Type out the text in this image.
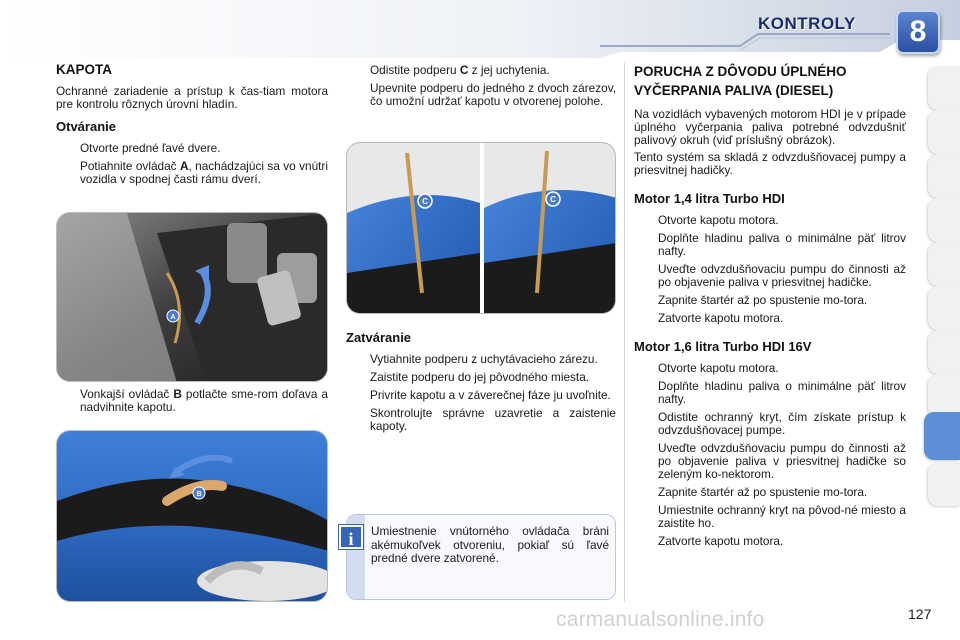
KONTROLY	8
KAPOTA

Ochranné zariadenie a prístup k čas-tiam motora pre kontrolu rôznych úrovní hladín.

Otváranie
Otvorte predné ľavé dvere.
Potiahnite ovládač A, nachádzajúci sa vo vnútri vozidla v spodnej časti rámu dverí.
A
Vonkajší ovládač B potlačte sme-rom doľava a nadvihnite kapotu.
B
Odistite podperu C z jej uchytenia.
Upevnite podperu do jedného z dvoch zárezov, čo umožní udržať kapotu v otvorenej polohe.
C	C
Zatváranie
Vytiahnite podperu z uchytávacieho zárezu.
Zaistite podperu do jej pôvodného miesta.
Privrite kapotu a v záverečnej fáze ju uvoľnite.
Skontrolujte správne uzavretie a zaistenie kapoty.
i	Umiestnenie vnútorného ovládača bráni akémukoľvek otvoreniu, pokiaľ sú ľavé predné dvere zatvorené.
PORUCHA Z DÔVODU ÚPLNÉHO VYČERPANIA PALIVA (DIESEL)

Na vozidlách vybavených motorom HDI je v prípade úplného vyčerpania paliva potrebné odvzdušniť palivový okruh (viď príslušný obrázok).

Tento systém sa skladá z odvzdušňovacej pumpy a priesvitnej hadičky.

Motor 1,4 litra Turbo HDI
Otvorte kapotu motora.
Doplňte hladinu paliva o minimálne päť litrov nafty.
Uveďte odvzdušňovaciu pumpu do činnosti až po objavenie paliva v priesvitnej hadičke.
Zapnite štartér až po spustenie mo-tora.
Zatvorte kapotu motora.
Motor 1,6 litra Turbo HDI 16V
Otvorte kapotu motora.
Doplňte hladinu paliva o minimálne päť litrov nafty.
Odistite ochranný kryt, čím získate prístup k odvzdušňovacej pumpe.
Uveďte odvzdušňovaciu pumpu do činnosti až po objavenie paliva v priesvitnej hadičke so zeleným ko-nektorom.
Zapnite štartér až po spustenie mo-tora.
Umiestnite ochranný kryt na pôvod-né miesto a zaistite ho.
Zatvorte kapotu motora.
carmanualsonline.info	127
